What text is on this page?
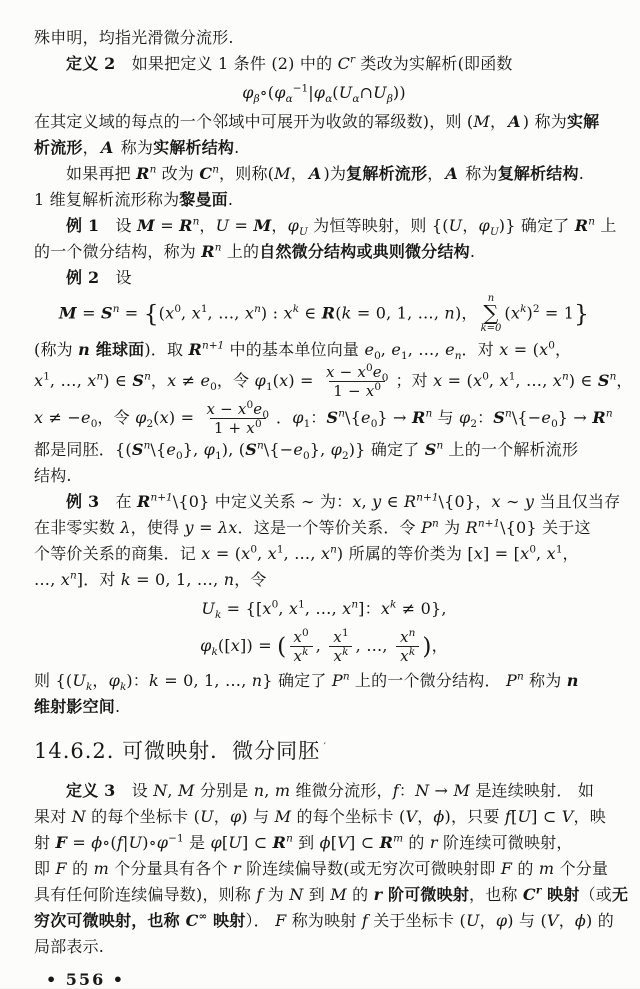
殊申明，均指光滑微分流形.
定义 2　如果把定义 1 条件 (2) 中的 $C^r$ 类改为实解析(即函数
$\varphi_\beta\circ(\varphi_\alpha^{-1}|\varphi_\alpha(U_\alpha\cap U_\beta))$
在其定义域的每点的一个邻域中可展开为收敛的幂级数)，则 (M， A ) 称为实解
析流形， A 称为实解析结构.
如果再把 $R^n$ 改为 $C^n$，则称(M， A )为复解析流形， A 称为复解析结构.
1 维复解析流形称为黎曼面.
例 1　设 $M = R^n$，U = M，$\varphi_U$ 为恒等映射，则 {(U，$\varphi_U$)} 确定了 $R^n$ 上
的一个微分结构，称为 $R^n$ 上的自然微分结构或典则微分结构.
例 2　设
$M = S^n = \{(x^0$, $x^1$, …, $x^n$) : $x^k$ ∈ R(k = 0, 1, …, n)，
n
∑
k=0
$(x^k)^2 = 1$}
(称为 n 维球面)．取 $R^{n+1}$ 中的基本单位向量 $e_0$, $e_1$, …, $e_n$．对 $x = (x^0$，
$x^1$, …, $x^n$) ∈ $S^n$，$x \ne e_0$，令 $\varphi_1(x) = \frac{x - x^0e_0}{1 - x^0}$ ；对 $x = (x^0$, $x^1$, …, $x^n$) ∈ $S^n$，
$x \ne -e_0$，令 $\varphi_2(x) = \frac{x - x^0e_0}{1 + x^0}$ ．$\varphi_1$：$S^n\backslash\{e_0\} \to R^n$ 与 $\varphi_2$：$S^n\backslash\{-e_0\} \to R^n$
都是同胚．{($S^n\backslash\{e_0\}$, $\varphi_1$), ($S^n\backslash\{-e_0\}$, $\varphi_2$)} 确定了 $S^n$ 上的一个解析流形
结构.
例 3　在 $R^{n+1}\backslash\{0\}$ 中定义关系 ∼ 为：x, y ∈ $R^{n+1}\backslash\{0\}$，x ∼ y 当且仅当存
在非零实数 λ，使得 y = λx．这是一个等价关系．令 $P^n$ 为 $R^{n+1}\backslash\{0\}$ 关于这
个等价关系的商集．记 $x = (x^0$, $x^1$, …, $x^n$) 所属的等价类为 $[x] = [x^0$, $x^1$，
…, $x^n$]．对 k = 0, 1, …, n，令
$U_k = \{[x^0$, $x^1$, …, $x^n$]：$x^k \ne 0$},
$\varphi_k([x])$ = ( $\frac{x^0}{x^k}$ , $\frac{x^1}{x^k}$ , …, $\frac{x^n}{x^k}$ )，
则 {($U_k$，$\varphi_k$)：k = 0, 1, …, n} 确定了 $P^n$ 上的一个微分结构． $P^n$ 称为 n
维射影空间.
14.6.2. 可微映射．微分同胚 ′
定义 3　设 N, M 分别是 n, m 维微分流形，f：N → M 是连续映射． 如
果对 N 的每个坐标卡 (U，φ) 与 M 的每个坐标卡 (V，ϕ)，只要 f[U] ⊂ V，映
射 $F = \phi\circ(f|U)\circ\varphi^{-1}$ 是 φ[U] ⊂ $R^n$ 到 ϕ[V] ⊂ $R^m$ 的 r 阶连续可微映射，
即 F 的 m 个分量具有各个 r 阶连续偏导数(或无穷次可微映射即 F 的 m 个分量
具有任何阶连续偏导数)，则称 f 为 N 到 M 的 r 阶可微映射，也称 $C^r$ 映射（或无
穷次可微映射，也称 C∞ 映射）． F 称为映射 f 关于坐标卡 (U，φ) 与 (V，ϕ) 的
局部表示.
• 556 •
